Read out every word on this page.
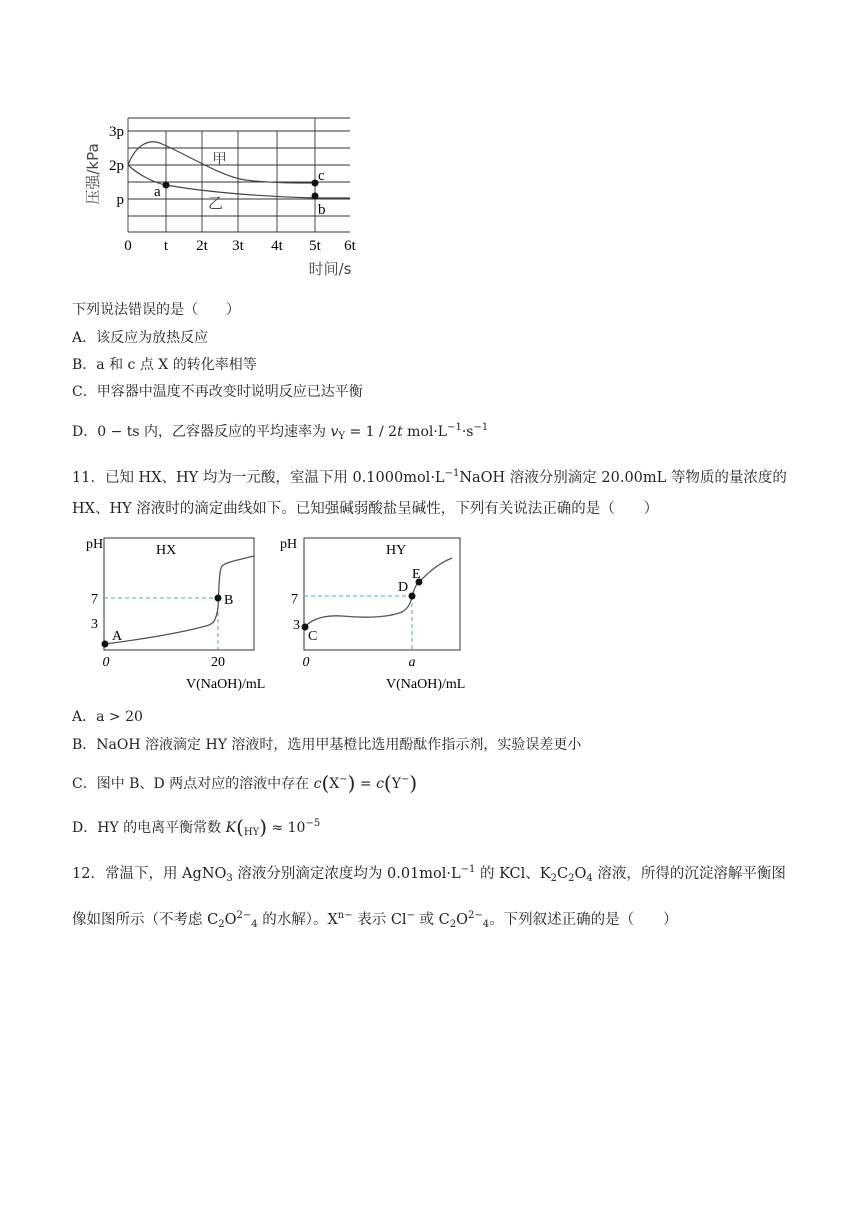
3p
2p
p
0 t 2t 3t 4t 5t 6t
压强/kPa
时间/s
甲
乙
a
c
b
下列说法错误的是（　　）
A．该反应为放热反应
B．a 和 c 点 X 的转化率相等
C．甲容器中温度不再改变时说明反应已达平衡
D．0 − ts 内，乙容器反应的平均速率为 $v_Y = 1 / 2t$ $mol\cdot L^{-1}\cdot s^{-1}$
11．已知 HX、HY 均为一元酸，室温下用 $0.1000mol\cdot L^{-1}NaOH$ 溶液分别滴定 20.00mL 等物质的量浓度的
HX、HY 溶液时的滴定曲线如下。已知强碱弱酸盐呈碱性，下列有关说法正确的是（　　）
pH	HX
7
3
0	20
A
B
V(NaOH)/mL
pH	HY
7
3
0	a
C
D
E
V(NaOH)/mL
A．a > 20
B．NaOH 溶液滴定 HY 溶液时，选用甲基橙比选用酚酞作指示剂，实验误差更小
C．图中 B、D 两点对应的溶液中存在 c(X−) = c(Y−)
D．HY 的电离平衡常数 $K(_{HY}) \approx 10^{-5}$
12．常温下，用 AgNO$_3$ 溶液分别滴定浓度均为 $0.01mol\cdot L^{-1}$ 的 KCl、$K_2C_2O_4$ 溶液，所得的沉淀溶解平衡图
像如图所示（不考虑 $C_2O^{2-}_4$ 的水解）。$X^{n-}$ 表示 Cl− 或 $C_2O^{2-}_4$。下列叙述正确的是（　　）
